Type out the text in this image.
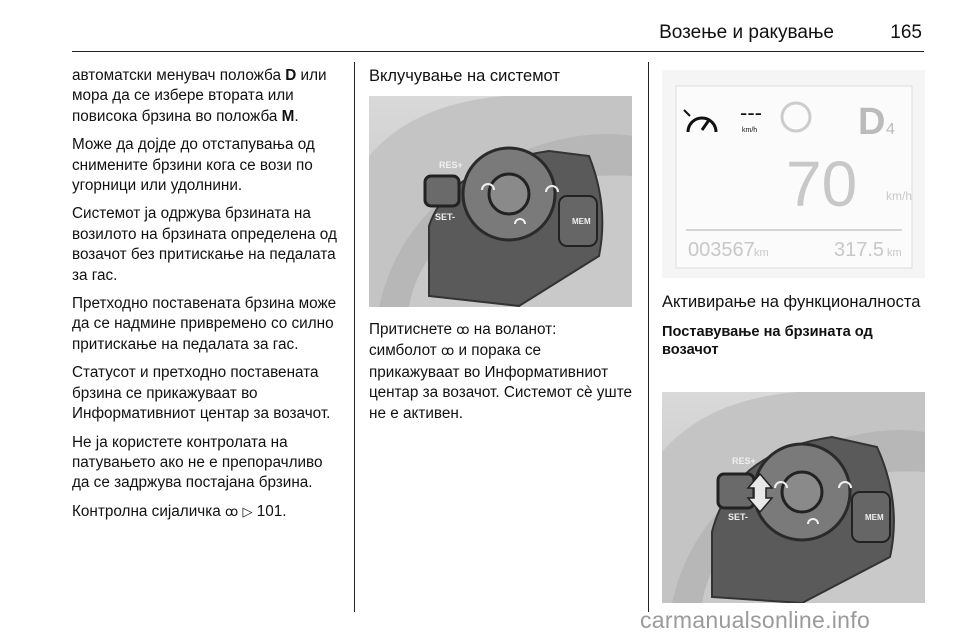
Возење и ракување	165

автоматски менувач положба D или мора да се избере вторатa или повисока брзина во положба M.

Може да дојде до отстапувања од снимените брзини кога се вози по угорници или удолнини.

Системот ја одржува брзината на возилото на брзината определена од возачот без притискање на педалата за гас.

Претходно поставената брзина може да се надмине привремено со силно притискање на педалата за гас.

Статусот и претходно поставената брзина се прикажуваат во Информативниот центар за возачот.

Не ја користете контролата на патувањето ако не е препорачливо да се задржува постајана брзина.

Контролна сијаличка ꝏ ▷ 101.

Вклучување на системот
RES+
SET-	MEM

Притиснете ꝏ на воланот:

симболот ꝏ и порака се прикажуваат во Информативниот центар за возачот. Системот сè уште не е активен.

---
km/h	D 4
70 km/h
003567 km	317.5 km
Активирање на функционалноста
Поставување на брзината од возачот
RES+
SET-	MEM
carmanualsonline.info
